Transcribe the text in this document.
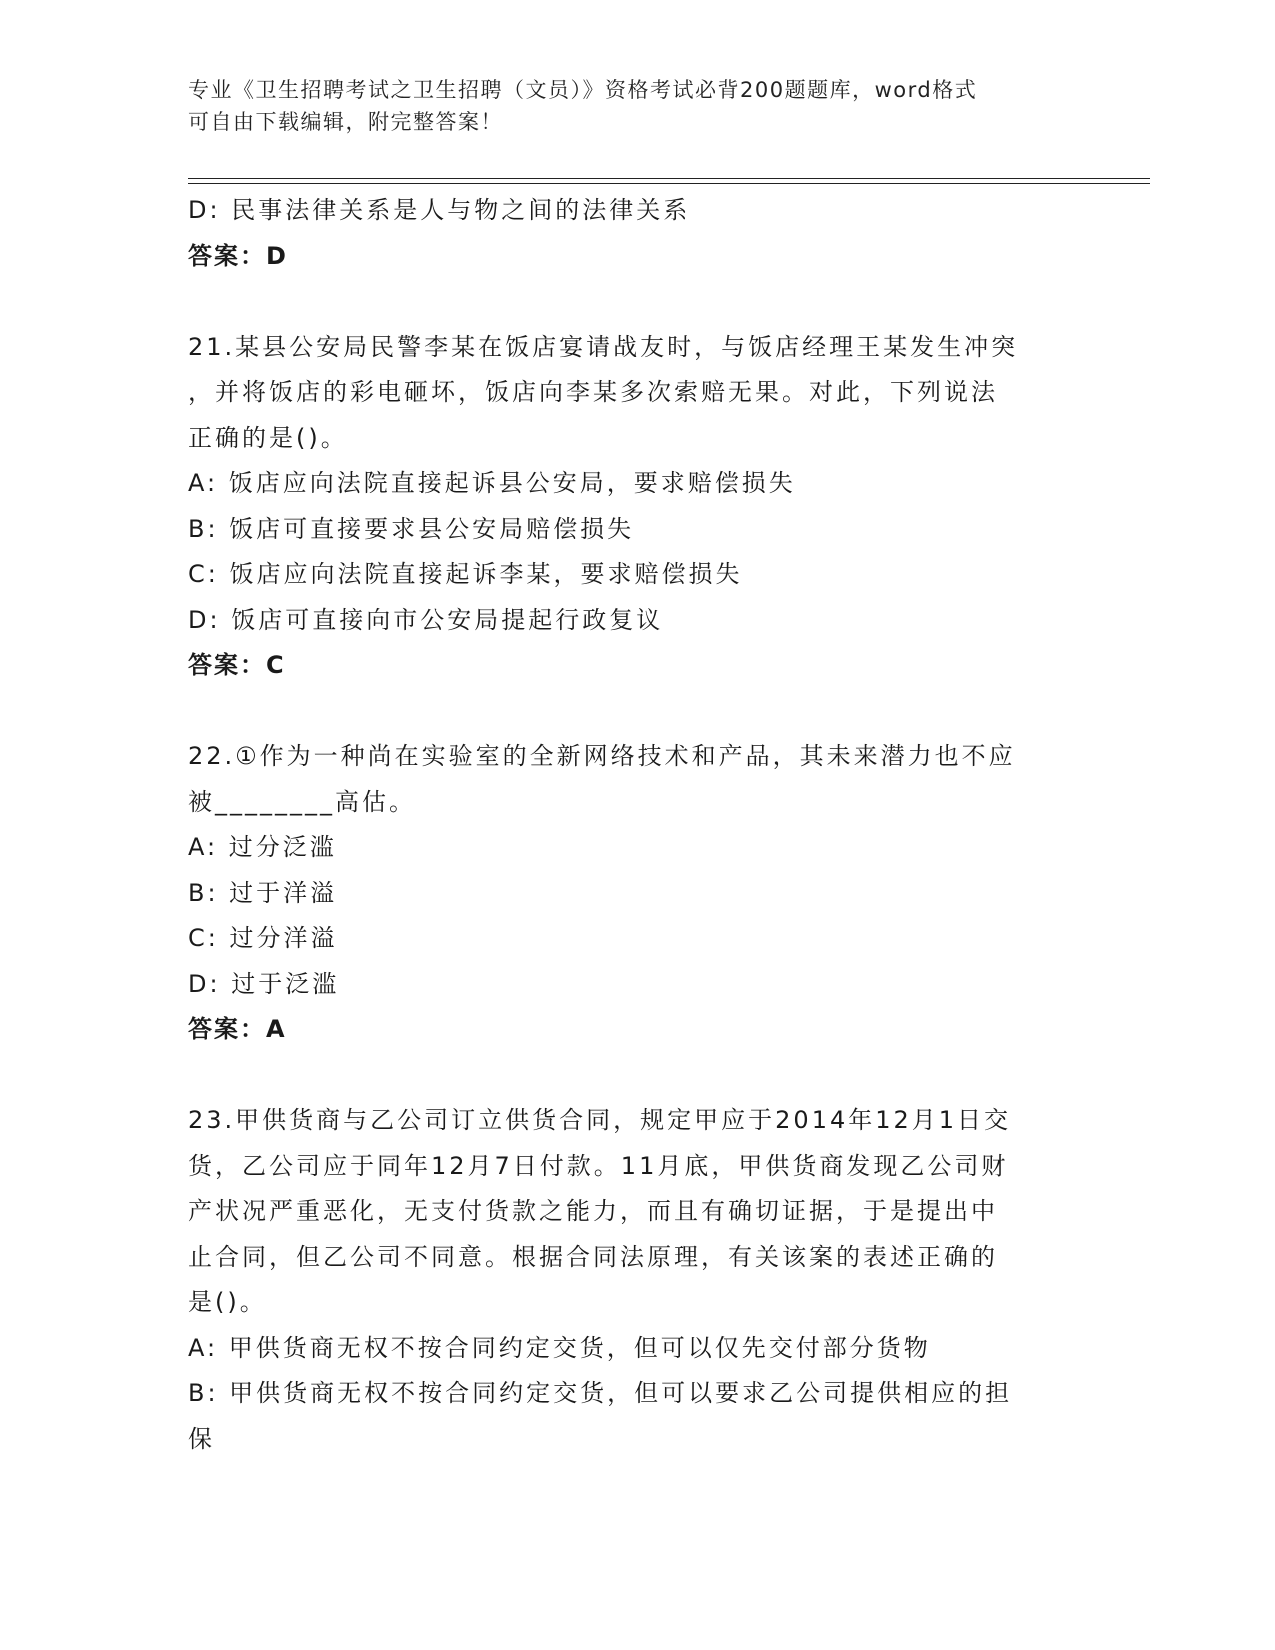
专业《卫生招聘考试之卫生招聘（文员）》资格考试必背200题题库，word格式
可自由下载编辑，附完整答案！
D: 民事法律关系是人与物之间的法律关系
答案：D
21.某县公安局民警李某在饭店宴请战友时，与饭店经理王某发生冲突
，并将饭店的彩电砸坏，饭店向李某多次索赔无果。对此，下列说法
正确的是()。
A: 饭店应向法院直接起诉县公安局，要求赔偿损失
B: 饭店可直接要求县公安局赔偿损失
C: 饭店应向法院直接起诉李某，要求赔偿损失
D: 饭店可直接向市公安局提起行政复议
答案：C
22.①作为一种尚在实验室的全新网络技术和产品，其未来潜力也不应
被________高估。
A: 过分泛滥
B: 过于洋溢
C: 过分洋溢
D: 过于泛滥
答案：A
23.甲供货商与乙公司订立供货合同，规定甲应于2014年12月1日交
货，乙公司应于同年12月7日付款。11月底，甲供货商发现乙公司财
产状况严重恶化，无支付货款之能力，而且有确切证据，于是提出中
止合同，但乙公司不同意。根据合同法原理，有关该案的表述正确的
是()。
A: 甲供货商无权不按合同约定交货，但可以仅先交付部分货物
B: 甲供货商无权不按合同约定交货，但可以要求乙公司提供相应的担
保
